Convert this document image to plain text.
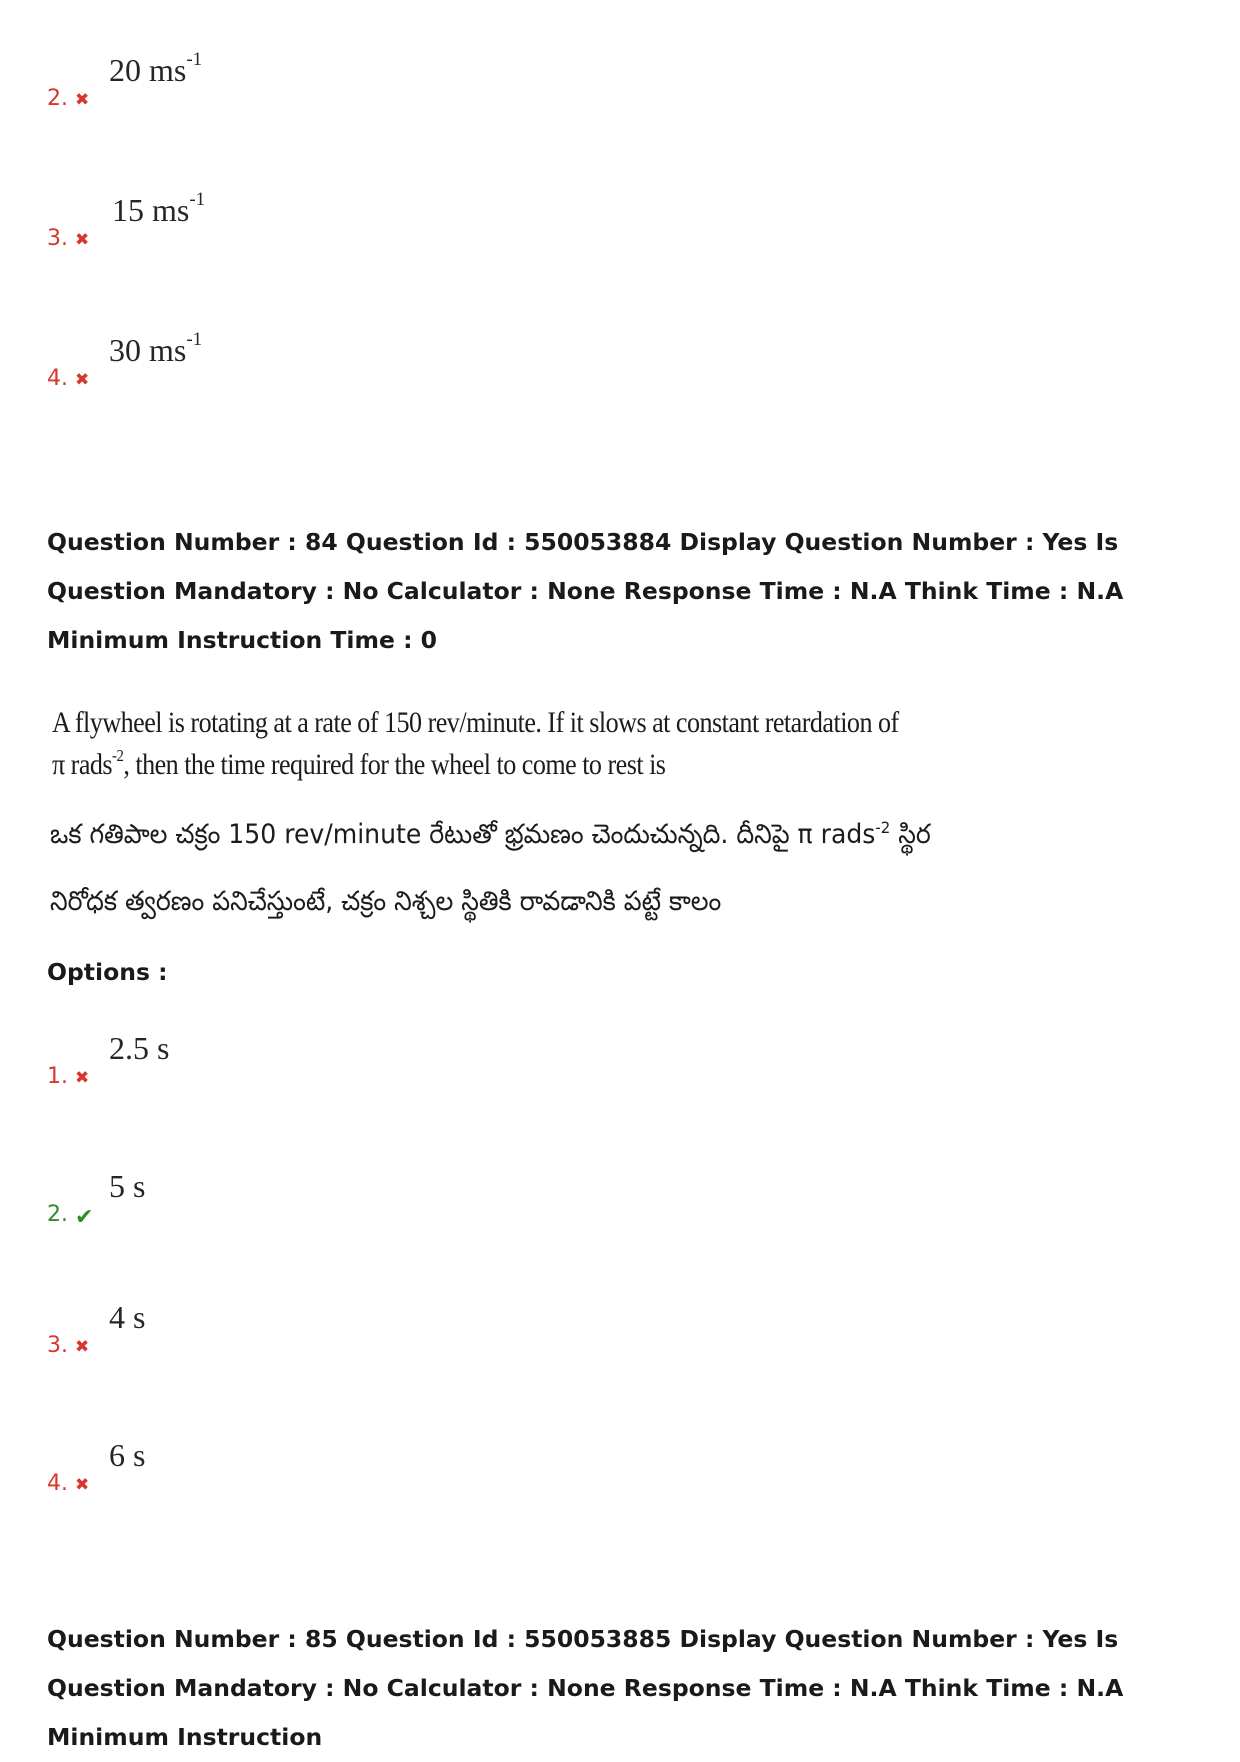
2. ✖
20 $ms^{-1}$
3. ✖
15 $ms^{-1}$
4. ✖
30 $ms^{-1}$

Question Number : 84 Question Id : 550053884 Display Question Number : Yes Is Question Mandatory : No Calculator : None Response Time : N.A Think Time : N.A Minimum Instruction Time : 0

A flywheel is rotating at a rate of 150 rev/minute. If it slows at constant retardation of
π rads$^{-2}$, then the time required for the wheel to come to rest is
ఒక గతిపాల చక్రం 150 rev/minute రేటుతో భ్రమణం చెందుచున్నది. దీనిపై π rads$^{-2}$ స్థిర
నిరోధక త్వరణం పనిచేస్తుంటే, చక్రం నిశ్చల స్థితికి రావడానికి పట్టే కాలం
Options :
1. ✖
2.5 s
2. ✔
5 s
3. ✖
4 s
4. ✖
6 s

Question Number : 85 Question Id : 550053885 Display Question Number : Yes Is Question Mandatory : No Calculator : None Response Time : N.A Think Time : N.A Minimum Instruction
